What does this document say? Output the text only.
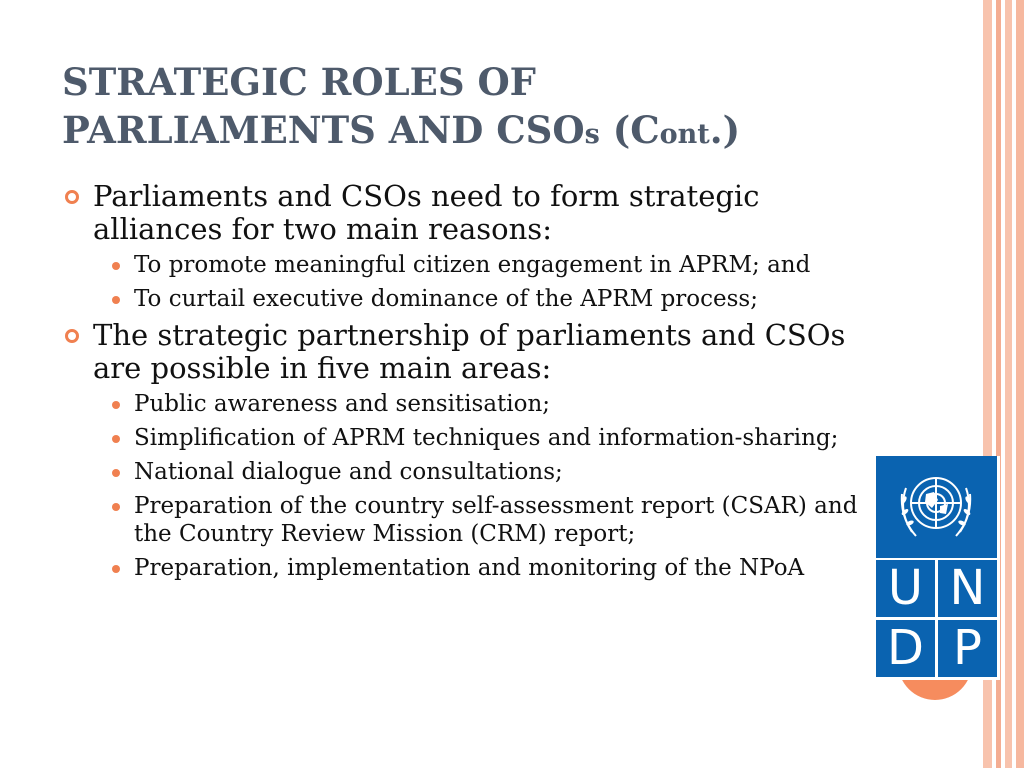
STRATEGIC ROLES OF
PARLIAMENTS AND CSOs (Cont.)
Parliaments and CSOs need to form strategic alliances for two main reasons:
To promote meaningful citizen engagement in APRM; and
To curtail executive dominance of the APRM process;
The strategic partnership of parliaments and CSOs are possible in five main areas:
Public awareness and sensitisation;
Simplification of APRM techniques and information-sharing;
National dialogue and consultations;
Preparation of the country self-assessment report (CSAR) and the Country Review Mission (CRM) report;
Preparation, implementation and monitoring of the NPoA	U N
D P
